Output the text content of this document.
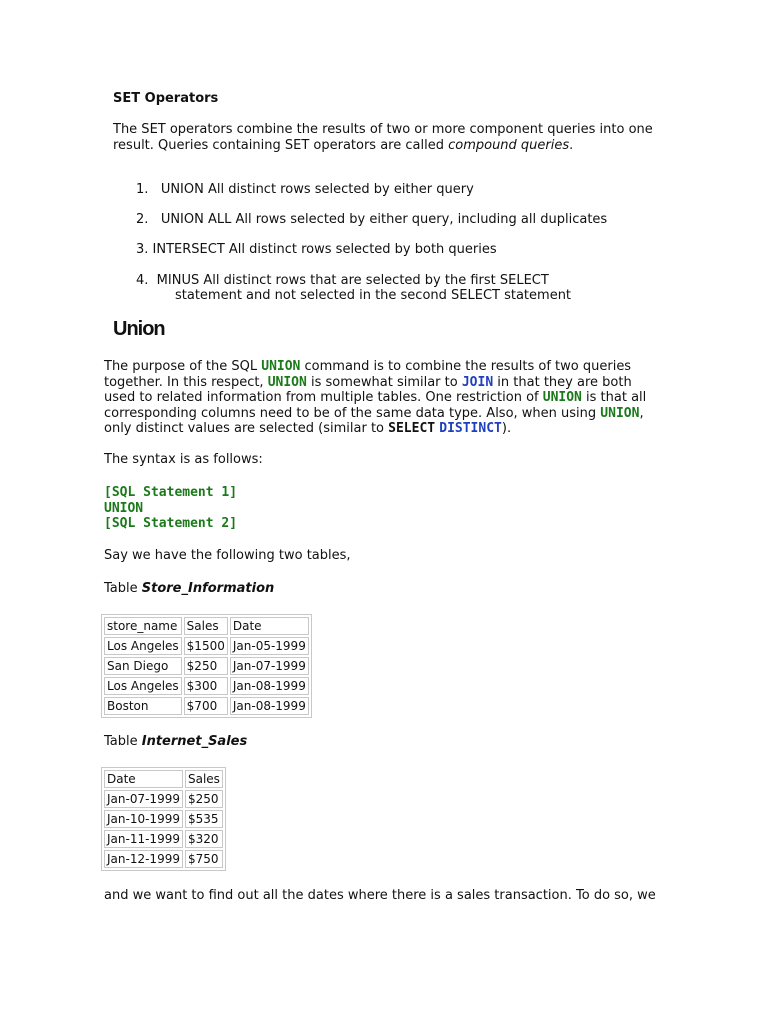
SET Operators
The SET operators combine the results of two or more component queries into one
result. Queries containing SET operators are called compound queries.
1. UNION All distinct rows selected by either query
2. UNION ALL All rows selected by either query, including all duplicates
3. INTERSECT All distinct rows selected by both queries
4. MINUS All distinct rows that are selected by the first SELECT
statement and not selected in the second SELECT statement
Union
The purpose of the SQL UNION command is to combine the results of two queries
together. In this respect, UNION is somewhat similar to JOIN in that they are both
used to related information from multiple tables. One restriction of UNION is that all
corresponding columns need to be of the same data type. Also, when using UNION,
only distinct values are selected (similar to SELECT DISTINCT).
The syntax is as follows:
[SQL Statement 1]
UNION
[SQL Statement 2]
Say we have the following two tables,
Table Store_Information
store_name	Sales	Date
Los Angeles	$1500	Jan-05-1999
San Diego	$250	Jan-07-1999
Los Angeles	$300	Jan-08-1999
Boston	$700	Jan-08-1999
Table Internet_Sales
Date	Sales
Jan-07-1999	$250
Jan-10-1999	$535
Jan-11-1999	$320
Jan-12-1999	$750
and we want to find out all the dates where there is a sales transaction. To do so, we
